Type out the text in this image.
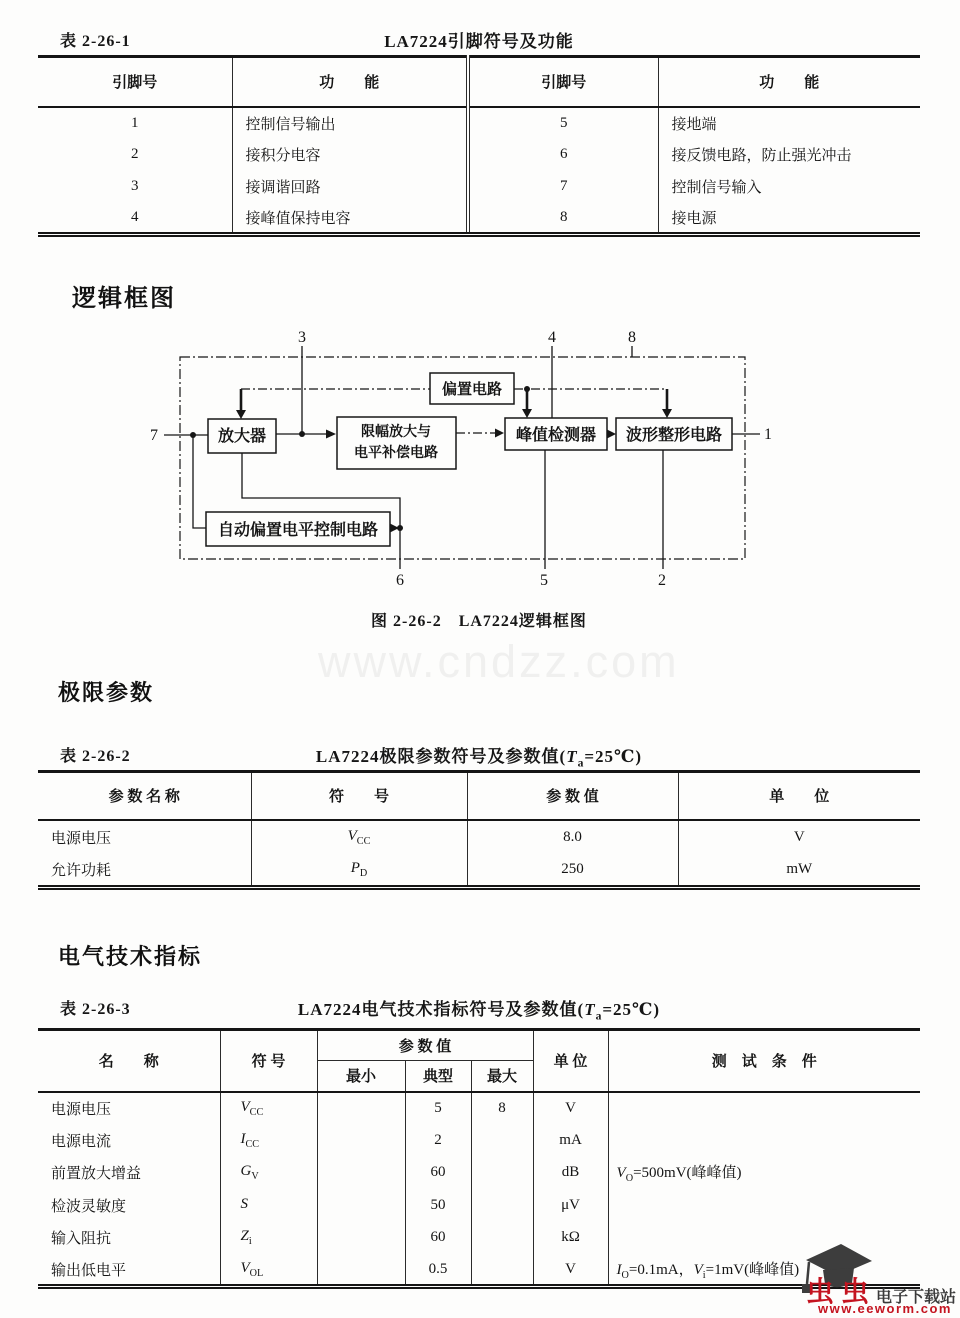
表 2-26-1	LA7224引脚符号及功能
引脚号	功　　能	引脚号	功　　能
1	控制信号输出	5	接地端
2	接积分电容	6	接反馈电路，防止强光冲击
3	接调谐回路	7	控制信号输入
4	接峰值保持电容	8	接电源
逻辑框图
放大器	限幅放大与
电平补偿电路
偏置电路
峰值检测器 波形整形电路
自动偏置电平控制电路
7
3	4	8
1
6	5	2
图 2-26-2　LA7224逻辑框图
www.cndzz.com
极限参数
表 2-26-2	LA7224极限参数符号及参数值$(T_a=25℃)$
参 数 名 称	符　　号	参 数 值	单　　位
电源电压	$V_{CC}$	8.0	V
允许功耗	$P_D$	250	mW
电气技术指标
表 2-26-3	LA7224电气技术指标符号及参数值$(T_a=25℃)$
名　　称	符 号	参 数 值			单 位	测　试　条　件
		最小	典型	最大		
电源电压	$V_{CC}$		5	8	V	
电源电流	$I_{CC}$		2		mA	
前置放大增益	$G_V$		60		dB	$V_O=500mV$(峰峰值)
检波灵敏度	S		50		μV	
输入阻抗	$Z_i$		60		kΩ	
输出低电平	$V_{OL}$		0.5		V	$I_O=0.1mA$，$V_i=1mV$(峰峰值)
虫虫 电子下载站
www.eeworm.com
